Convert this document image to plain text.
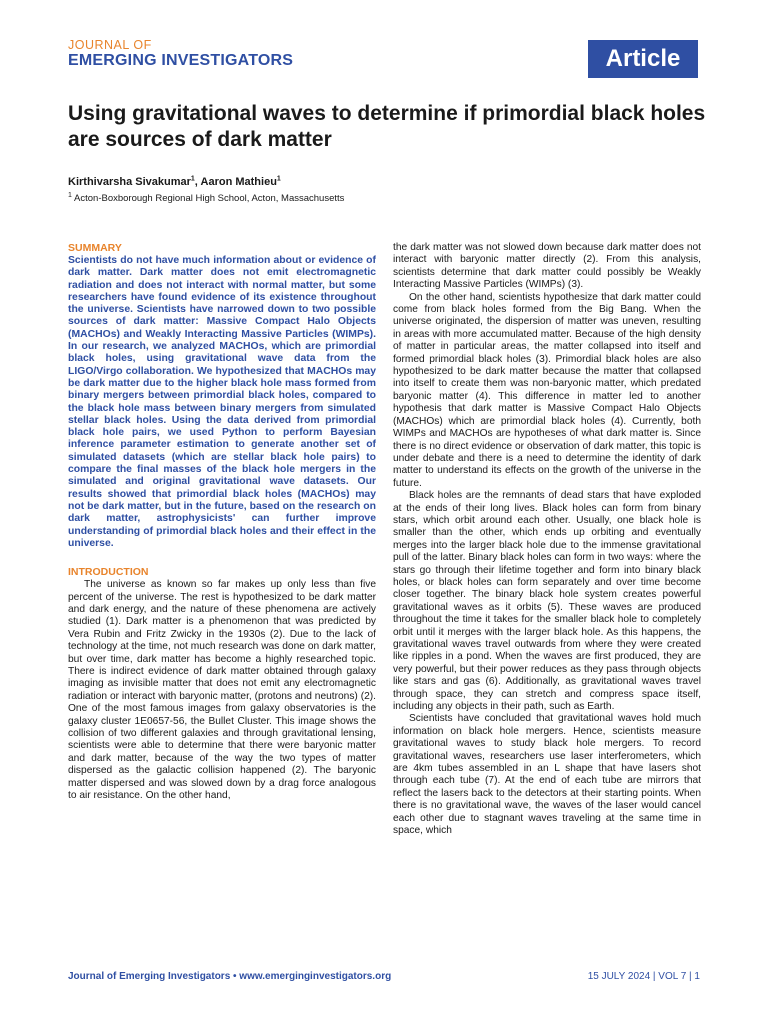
JOURNAL OF
EMERGING INVESTIGATORS	Article
Using gravitational waves to determine if primordial black holes are sources of dark matter
Kirthivarsha Sivakumar$^1$, Aaron Mathieu$^1$
$^1$ Acton-Boxborough Regional High School, Acton, Massachusetts
SUMMARY

Scientists do not have much information about or evidence of dark matter. Dark matter does not emit electromagnetic radiation and does not interact with normal matter, but some researchers have found evidence of its existence throughout the universe. Scientists have narrowed down to two possible sources of dark matter: Massive Compact Halo Objects (MACHOs) and Weakly Interacting Massive Particles (WIMPs). In our research, we analyzed MACHOs, which are primordial black holes, using gravitational wave data from the LIGO/Virgo collaboration. We hypothesized that MACHOs may be dark matter due to the higher black hole mass formed from binary mergers between primordial black holes, compared to the black hole mass between binary mergers from simulated stellar black holes. Using the data derived from primordial black hole pairs, we used Python to perform Bayesian inference parameter estimation to generate another set of simulated datasets (which are stellar black hole pairs) to compare the final masses of the black hole mergers in the simulated and original gravitational wave datasets. Our results showed that primordial black holes (MACHOs) may not be dark matter, but in the future, based on the research on dark matter, astrophysicists' can further improve understanding of primordial black holes and their effect in the universe.

INTRODUCTION

The universe as known so far makes up only less than five percent of the universe. The rest is hypothesized to be dark matter and dark energy, and the nature of these phenomena are actively studied (1). Dark matter is a phenomenon that was predicted by Vera Rubin and Fritz Zwicky in the 1930s (2). Due to the lack of technology at the time, not much research was done on dark matter, but over time, dark matter has become a highly researched topic. There is indirect evidence of dark matter obtained through galaxy imaging as invisible matter that does not emit any electromagnetic radiation or interact with baryonic matter, (protons and neutrons) (2). One of the most famous images from galaxy observatories is the galaxy cluster 1E0657-56, the Bullet Cluster. This image shows the collision of two different galaxies and through gravitational lensing, scientists were able to determine that there were baryonic matter and dark matter, because of the way the two types of matter dispersed as the galactic collision happened (2). The baryonic matter dispersed and was slowed down by a drag force analogous to air resistance. On the other hand,

the dark matter was not slowed down because dark matter does not interact with baryonic matter directly (2). From this analysis, scientists determine that dark matter could possibly be Weakly Interacting Massive Particles (WIMPs) (3).

On the other hand, scientists hypothesize that dark matter could come from black holes formed from the Big Bang. When the universe originated, the dispersion of matter was uneven, resulting in areas with more accumulated matter. Because of the high density of matter in particular areas, the matter collapsed into itself and formed primordial black holes (3). Primordial black holes are also hypothesized to be dark matter because the matter that collapsed into itself to create them was non-baryonic matter, which predated baryonic matter (4). This difference in matter led to another hypothesis that dark matter is Massive Compact Halo Objects (MACHOs) which are primordial black holes (4). Currently, both WIMPs and MACHOs are hypotheses of what dark matter is. Since there is no direct evidence or observation of dark matter, this topic is under debate and there is a need to determine the identity of dark matter to understand its effects on the growth of the universe in the future.

Black holes are the remnants of dead stars that have exploded at the ends of their long lives. Black holes can form from binary stars, which orbit around each other. Usually, one black hole is smaller than the other, which ends up orbiting and eventually merges into the larger black hole due to the immense gravitational pull of the latter. Binary black holes can form in two ways: where the stars go through their lifetime together and form into binary black holes, or black holes can form separately and over time become closer together. The binary black hole system creates powerful gravitational waves as it orbits (5). These waves are produced throughout the time it takes for the smaller black hole to completely orbit until it merges with the larger black hole. As this happens, the gravitational waves travel outwards from where they were created like ripples in a pond. When the waves are first produced, they are very powerful, but their power reduces as they pass through objects like stars and gas (6). Additionally, as gravitational waves travel through space, they can stretch and compress space itself, including any objects in their path, such as Earth.

Scientists have concluded that gravitational waves hold much information on black hole mergers. Hence, scientists measure gravitational waves to study black hole mergers. To record gravitational waves, researchers use laser interferometers, which are 4km tubes assembled in an L shape that have lasers shot through each tube (7). At the end of each tube are mirrors that reflect the lasers back to the detectors at their starting points. When there is no gravitational wave, the waves of the laser would cancel each other due to stagnant waves traveling at the same time in space, which

Journal of Emerging Investigators • www.emerginginvestigators.org	15 JULY 2024 | VOL 7 | 1
